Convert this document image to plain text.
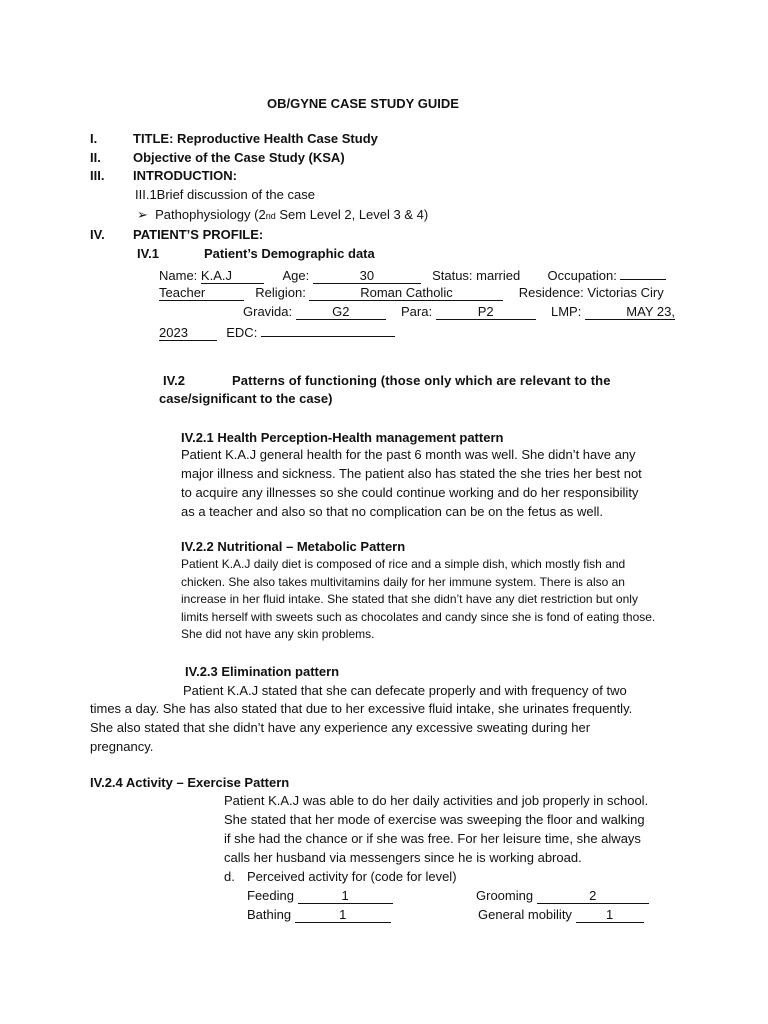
OB/GYNE CASE STUDY GUIDE
I.	TITLE: Reproductive Health Case Study
II. Objective of the Case Study (KSA)
III. INTRODUCTION:
III.1Brief discussion of the case
➢ Pathophysiology (2nd Sem Level 2, Level 3 & 4)
IV. PATIENT’S PROFILE:
IV.1	Patient’s Demographic data
Name: K.A.J	Age:	30	Status: married Occupation:
Teacher	Religion:	Roman Catholic	Residence: Victorias Ciry
Gravida:	G2	Para:	P2	LMP:	MAY 23,
2023	EDC:
IV.2	Patterns of functioning (those only which are relevant to the
case/significant to the case)
IV.2.1 Health Perception-Health management pattern
Patient K.A.J general health for the past 6 month was well. She didn’t have any
major illness and sickness. The patient also has stated the she tries her best not
to acquire any illnesses so she could continue working and do her responsibility
as a teacher and also so that no complication can be on the fetus as well.
IV.2.2 Nutritional – Metabolic Pattern
Patient K.A.J daily diet is composed of rice and a simple dish, which mostly fish and
chicken. She also takes multivitamins daily for her immune system. There is also an
increase in her fluid intake. She stated that she didn’t have any diet restriction but only
limits herself with sweets such as chocolates and candy since she is fond of eating those.
She did not have any skin problems.
IV.2.3 Elimination pattern
Patient K.A.J stated that she can defecate properly and with frequency of two
times a day. She has also stated that due to her excessive fluid intake, she urinates frequently.
She also stated that she didn’t have any experience any excessive sweating during her
pregnancy.
IV.2.4 Activity – Exercise Pattern
Patient K.A.J was able to do her daily activities and job properly in school.
She stated that her mode of exercise was sweeping the floor and walking
if she had the chance or if she was free. For her leisure time, she always
calls her husband via messengers since he is working abroad.
d. Perceived activity for (code for level)
Feeding	1	Grooming	2
Bathing	1	General mobility	1
